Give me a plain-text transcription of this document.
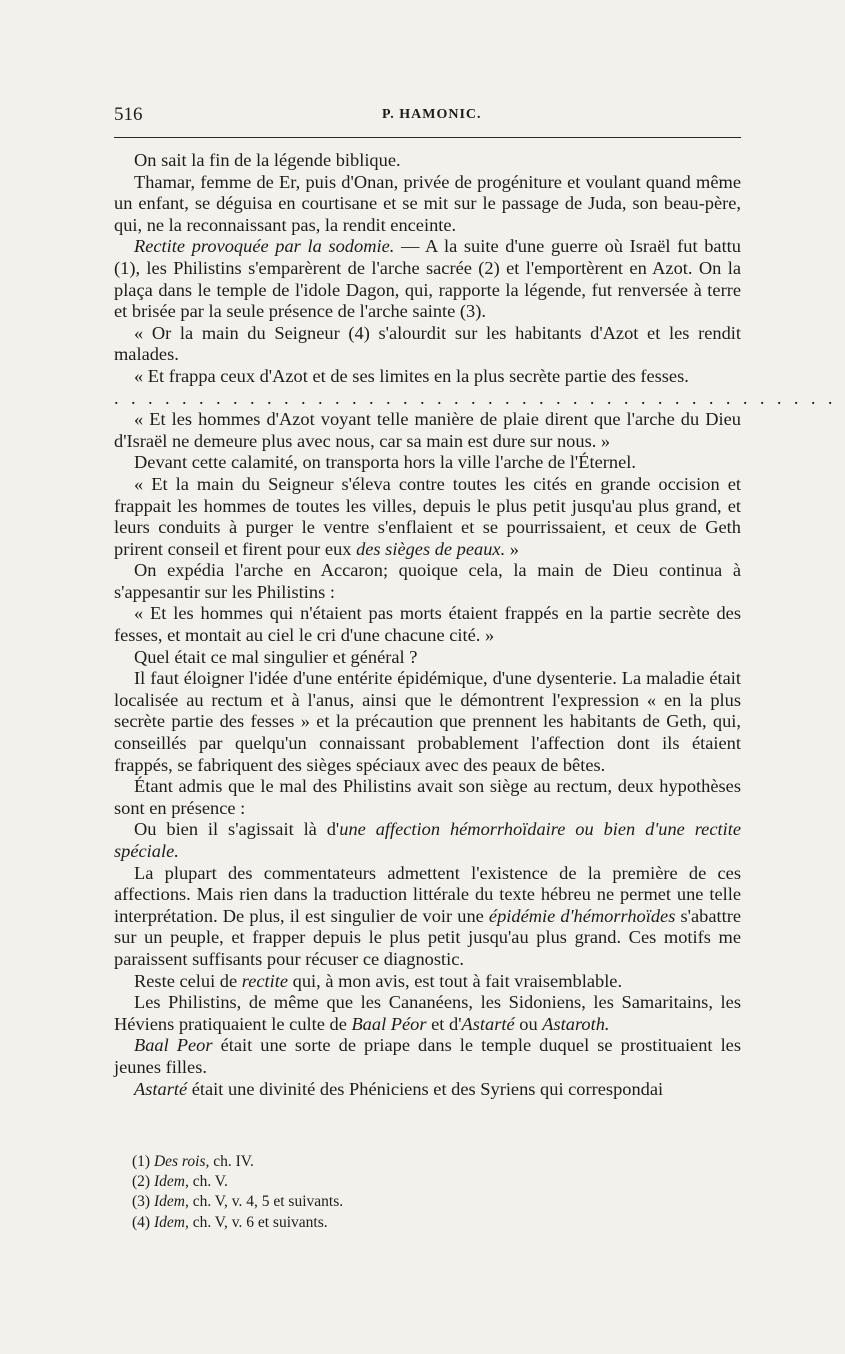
516	P. HAMONIC.

On sait la fin de la légende biblique.

Thamar, femme de Er, puis d'Onan, privée de progéniture et voulant quand même un enfant, se déguisa en courtisane et se mit sur le passage de Juda, son beau-père, qui, ne la reconnaissant pas, la rendit enceinte.

Rectite provoquée par la sodomie. — A la suite d'une guerre où Israël fut battu (1), les Philistins s'emparèrent de l'arche sacrée (2) et l'emportèrent en Azot. On la plaça dans le temple de l'idole Dagon, qui, rapporte la légende, fut renversée à terre et brisée par la seule présence de l'arche sainte (3).

« Or la main du Seigneur (4) s'alourdit sur les habitants d'Azot et les rendit malades.

« Et frappa ceux d'Azot et de ses limites en la plus secrète partie des fesses.

...........................................

« Et les hommes d'Azot voyant telle manière de plaie dirent que l'arche du Dieu d'Israël ne demeure plus avec nous, car sa main est dure sur nous. »

Devant cette calamité, on transporta hors la ville l'arche de l'Éternel.

« Et la main du Seigneur s'éleva contre toutes les cités en grande occision et frappait les hommes de toutes les villes, depuis le plus petit jusqu'au plus grand, et leurs conduits à purger le ventre s'enflaient et se pourrissaient, et ceux de Geth prirent conseil et firent pour eux des sièges de peaux. »

On expédia l'arche en Accaron; quoique cela, la main de Dieu continua à s'appesantir sur les Philistins :

« Et les hommes qui n'étaient pas morts étaient frappés en la partie secrète des fesses, et montait au ciel le cri d'une chacune cité. »

Quel était ce mal singulier et général ?

Il faut éloigner l'idée d'une entérite épidémique, d'une dysenterie. La maladie était localisée au rectum et à l'anus, ainsi que le démontrent l'expression « en la plus secrète partie des fesses » et la précaution que prennent les habitants de Geth, qui, conseillés par quelqu'un connaissant probablement l'affection dont ils étaient frappés, se fabriquent des sièges spéciaux avec des peaux de bêtes.

Étant admis que le mal des Philistins avait son siège au rectum, deux hypothèses sont en présence :

Ou bien il s'agissait là d'une affection hémorrhoïdaire ou bien d'une rectite spéciale.

La plupart des commentateurs admettent l'existence de la première de ces affections. Mais rien dans la traduction littérale du texte hébreu ne permet une telle interprétation. De plus, il est singulier de voir une épidémie d'hémorrhoïdes s'abattre sur un peuple, et frapper depuis le plus petit jusqu'au plus grand. Ces motifs me paraissent suffisants pour récuser ce diagnostic.

Reste celui de rectite qui, à mon avis, est tout à fait vraisemblable.

Les Philistins, de même que les Cananéens, les Sidoniens, les Samaritains, les Héviens pratiquaient le culte de Baal Péor et d'Astarté ou Astaroth.

Baal Peor était une sorte de priape dans le temple duquel se prostituaient les jeunes filles.

Astarté était une divinité des Phéniciens et des Syriens qui correspondai

(1) Des rois, ch. IV.
(2) Idem, ch. V.
(3) Idem, ch. V, v. 4, 5 et suivants.
(4) Idem, ch. V, v. 6 et suivants.
